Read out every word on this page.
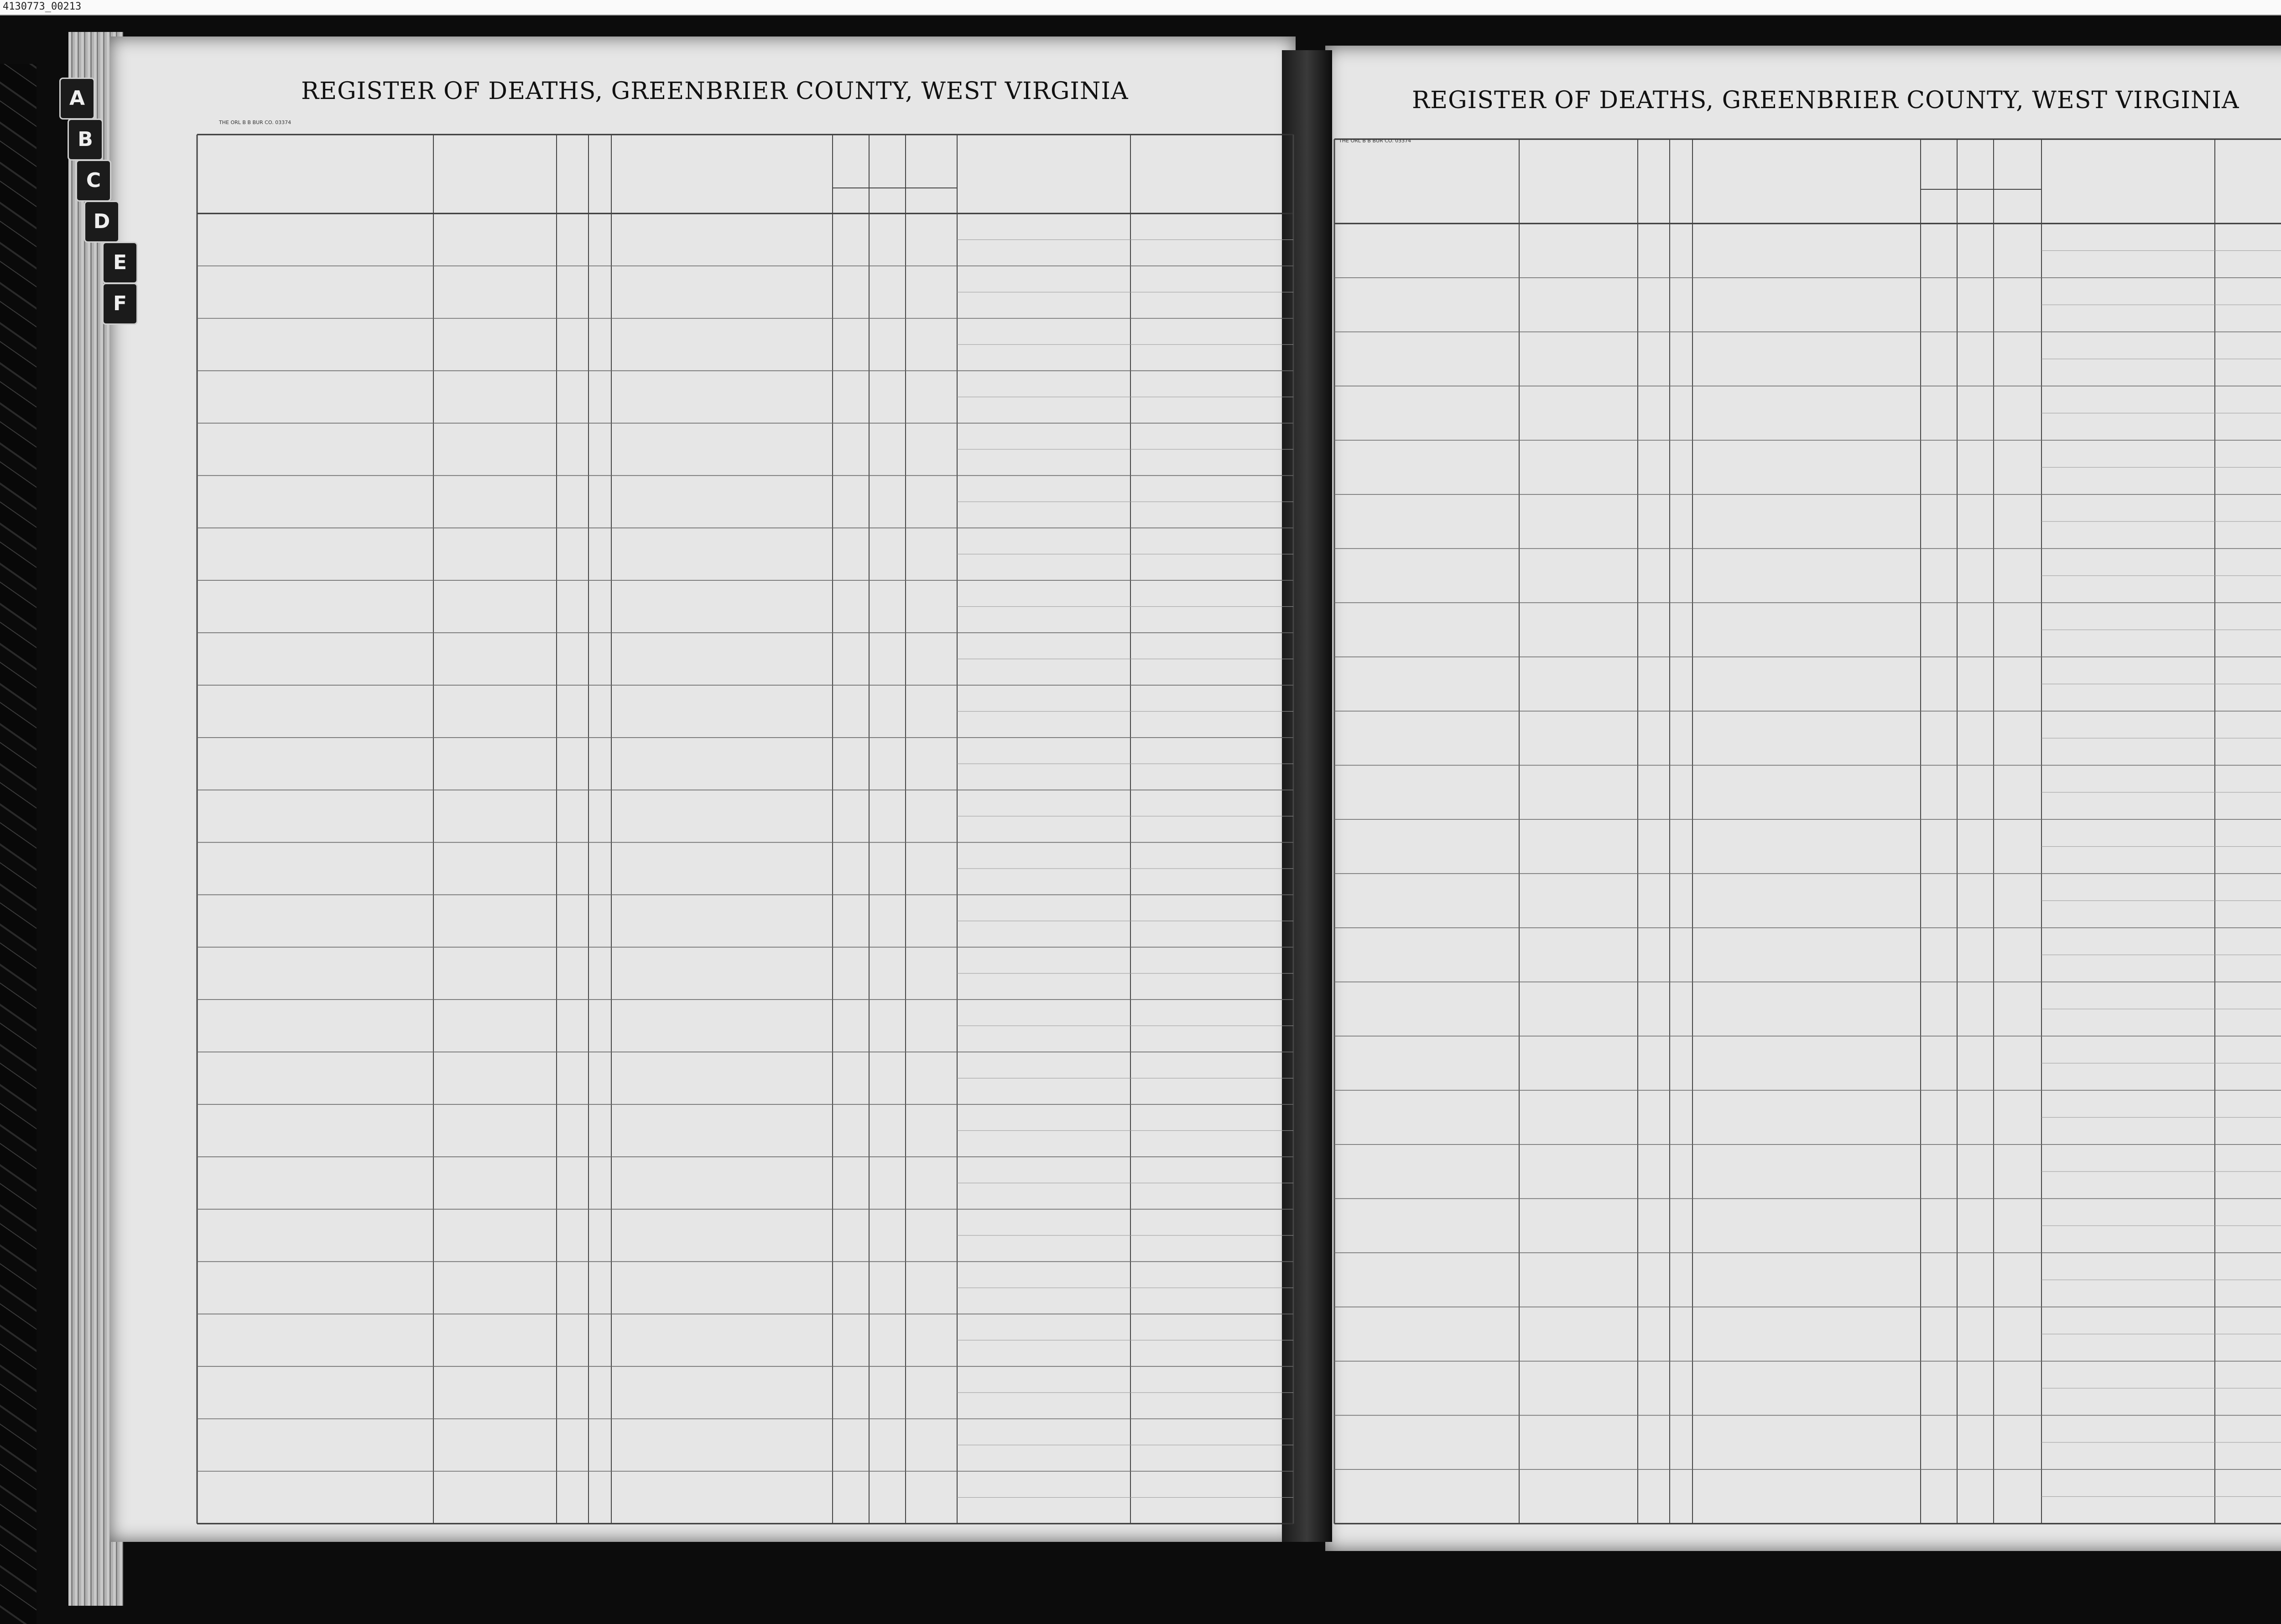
4130773_00213
REGISTER OF DEATHS, GREENBRIER COUNTY, WEST VIRGINIA	REGISTER OF DEATHS, GREENBRIER COUNTY, WEST VIRGINIA
THE ORL B B BUR CO. 03374
THE ORL B B BUR CO. 03374
A
B
C
D
E
F
